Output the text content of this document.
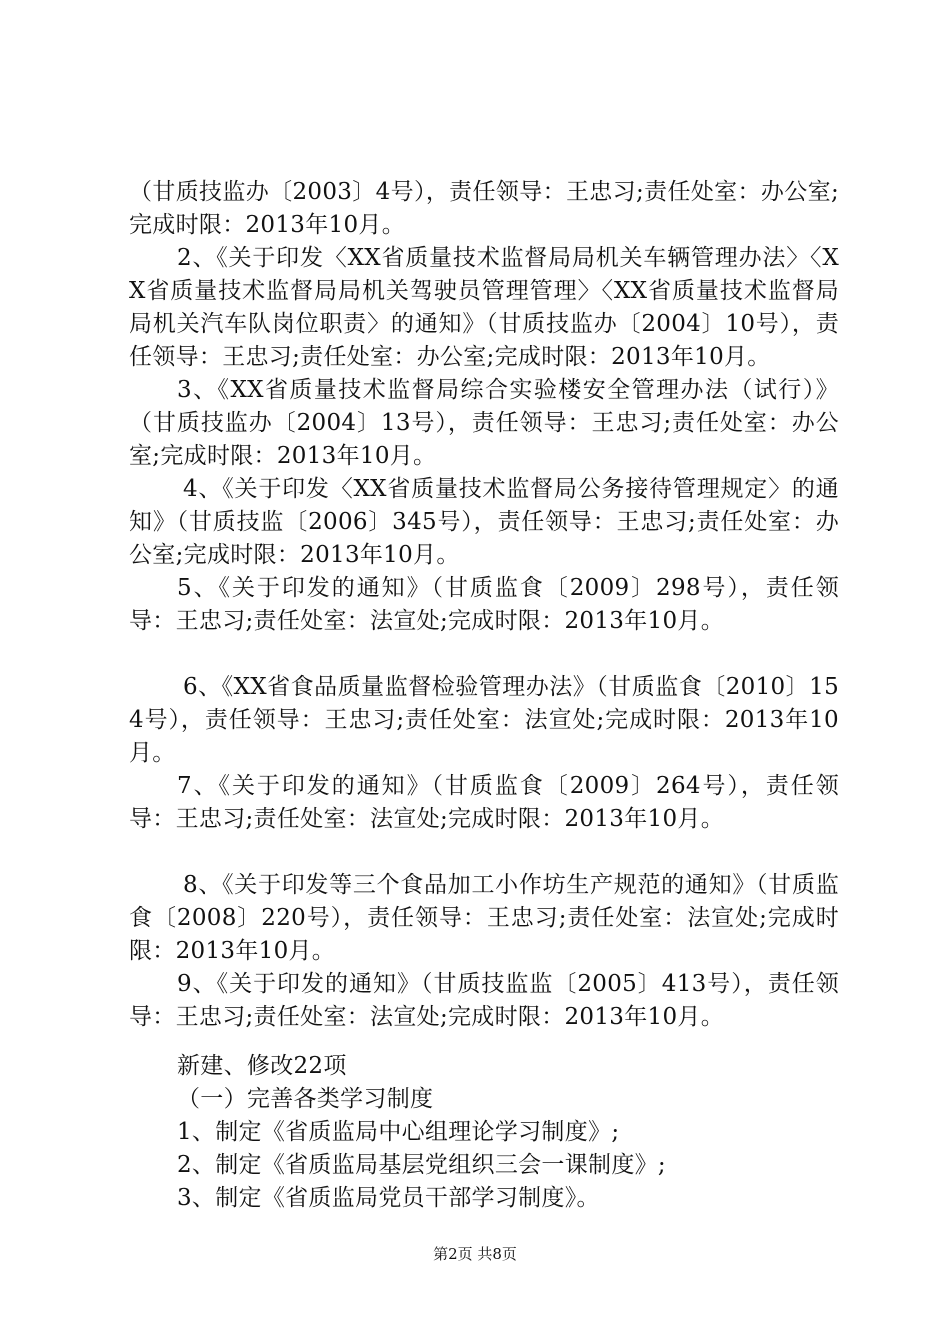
（甘质技监办〔2003〕4号），责任领导：王忠习;责任处室：办公室;完成时限：2013年10月。

2、《关于印发〈XX省质量技术监督局局机关车辆管理办法〉〈XX省质量技术监督局局机关驾驶员管理管理〉〈XX省质量技术监督局局机关汽车队岗位职责〉的通知》（甘质技监办〔2004〕10号），责任领导：王忠习;责任处室：办公室;完成时限：2013年10月。

3、《XX省质量技术监督局综合实验楼安全管理办法（试行）》（甘质技监办〔2004〕13号），责任领导：王忠习;责任处室：办公室;完成时限：2013年10月。

4、《关于印发〈XX省质量技术监督局公务接待管理规定〉的通知》（甘质技监〔2006〕345号），责任领导：王忠习;责任处室：办公室;完成时限：2013年10月。

5、《关于印发的通知》（甘质监食〔2009〕298号），责任领导：王忠习;责任处室：法宣处;完成时限：2013年10月。

6、《XX省食品质量监督检验管理办法》（甘质监食〔2010〕154号），责任领导：王忠习;责任处室：法宣处;完成时限：2013年10月。

7、《关于印发的通知》（甘质监食〔2009〕264号），责任领导：王忠习;责任处室：法宣处;完成时限：2013年10月。

8、《关于印发等三个食品加工小作坊生产规范的通知》（甘质监食〔2008〕220号），责任领导：王忠习;责任处室：法宣处;完成时限：2013年10月。

9、《关于印发的通知》（甘质技监监〔2005〕413号），责任领导：王忠习;责任处室：法宣处;完成时限：2013年10月。

新建、修改22项

（一）完善各类学习制度

1、制定《省质监局中心组理论学习制度》;

2、制定《省质监局基层党组织三会一课制度》;

3、制定《省质监局党员干部学习制度》。

第2页 共8页
